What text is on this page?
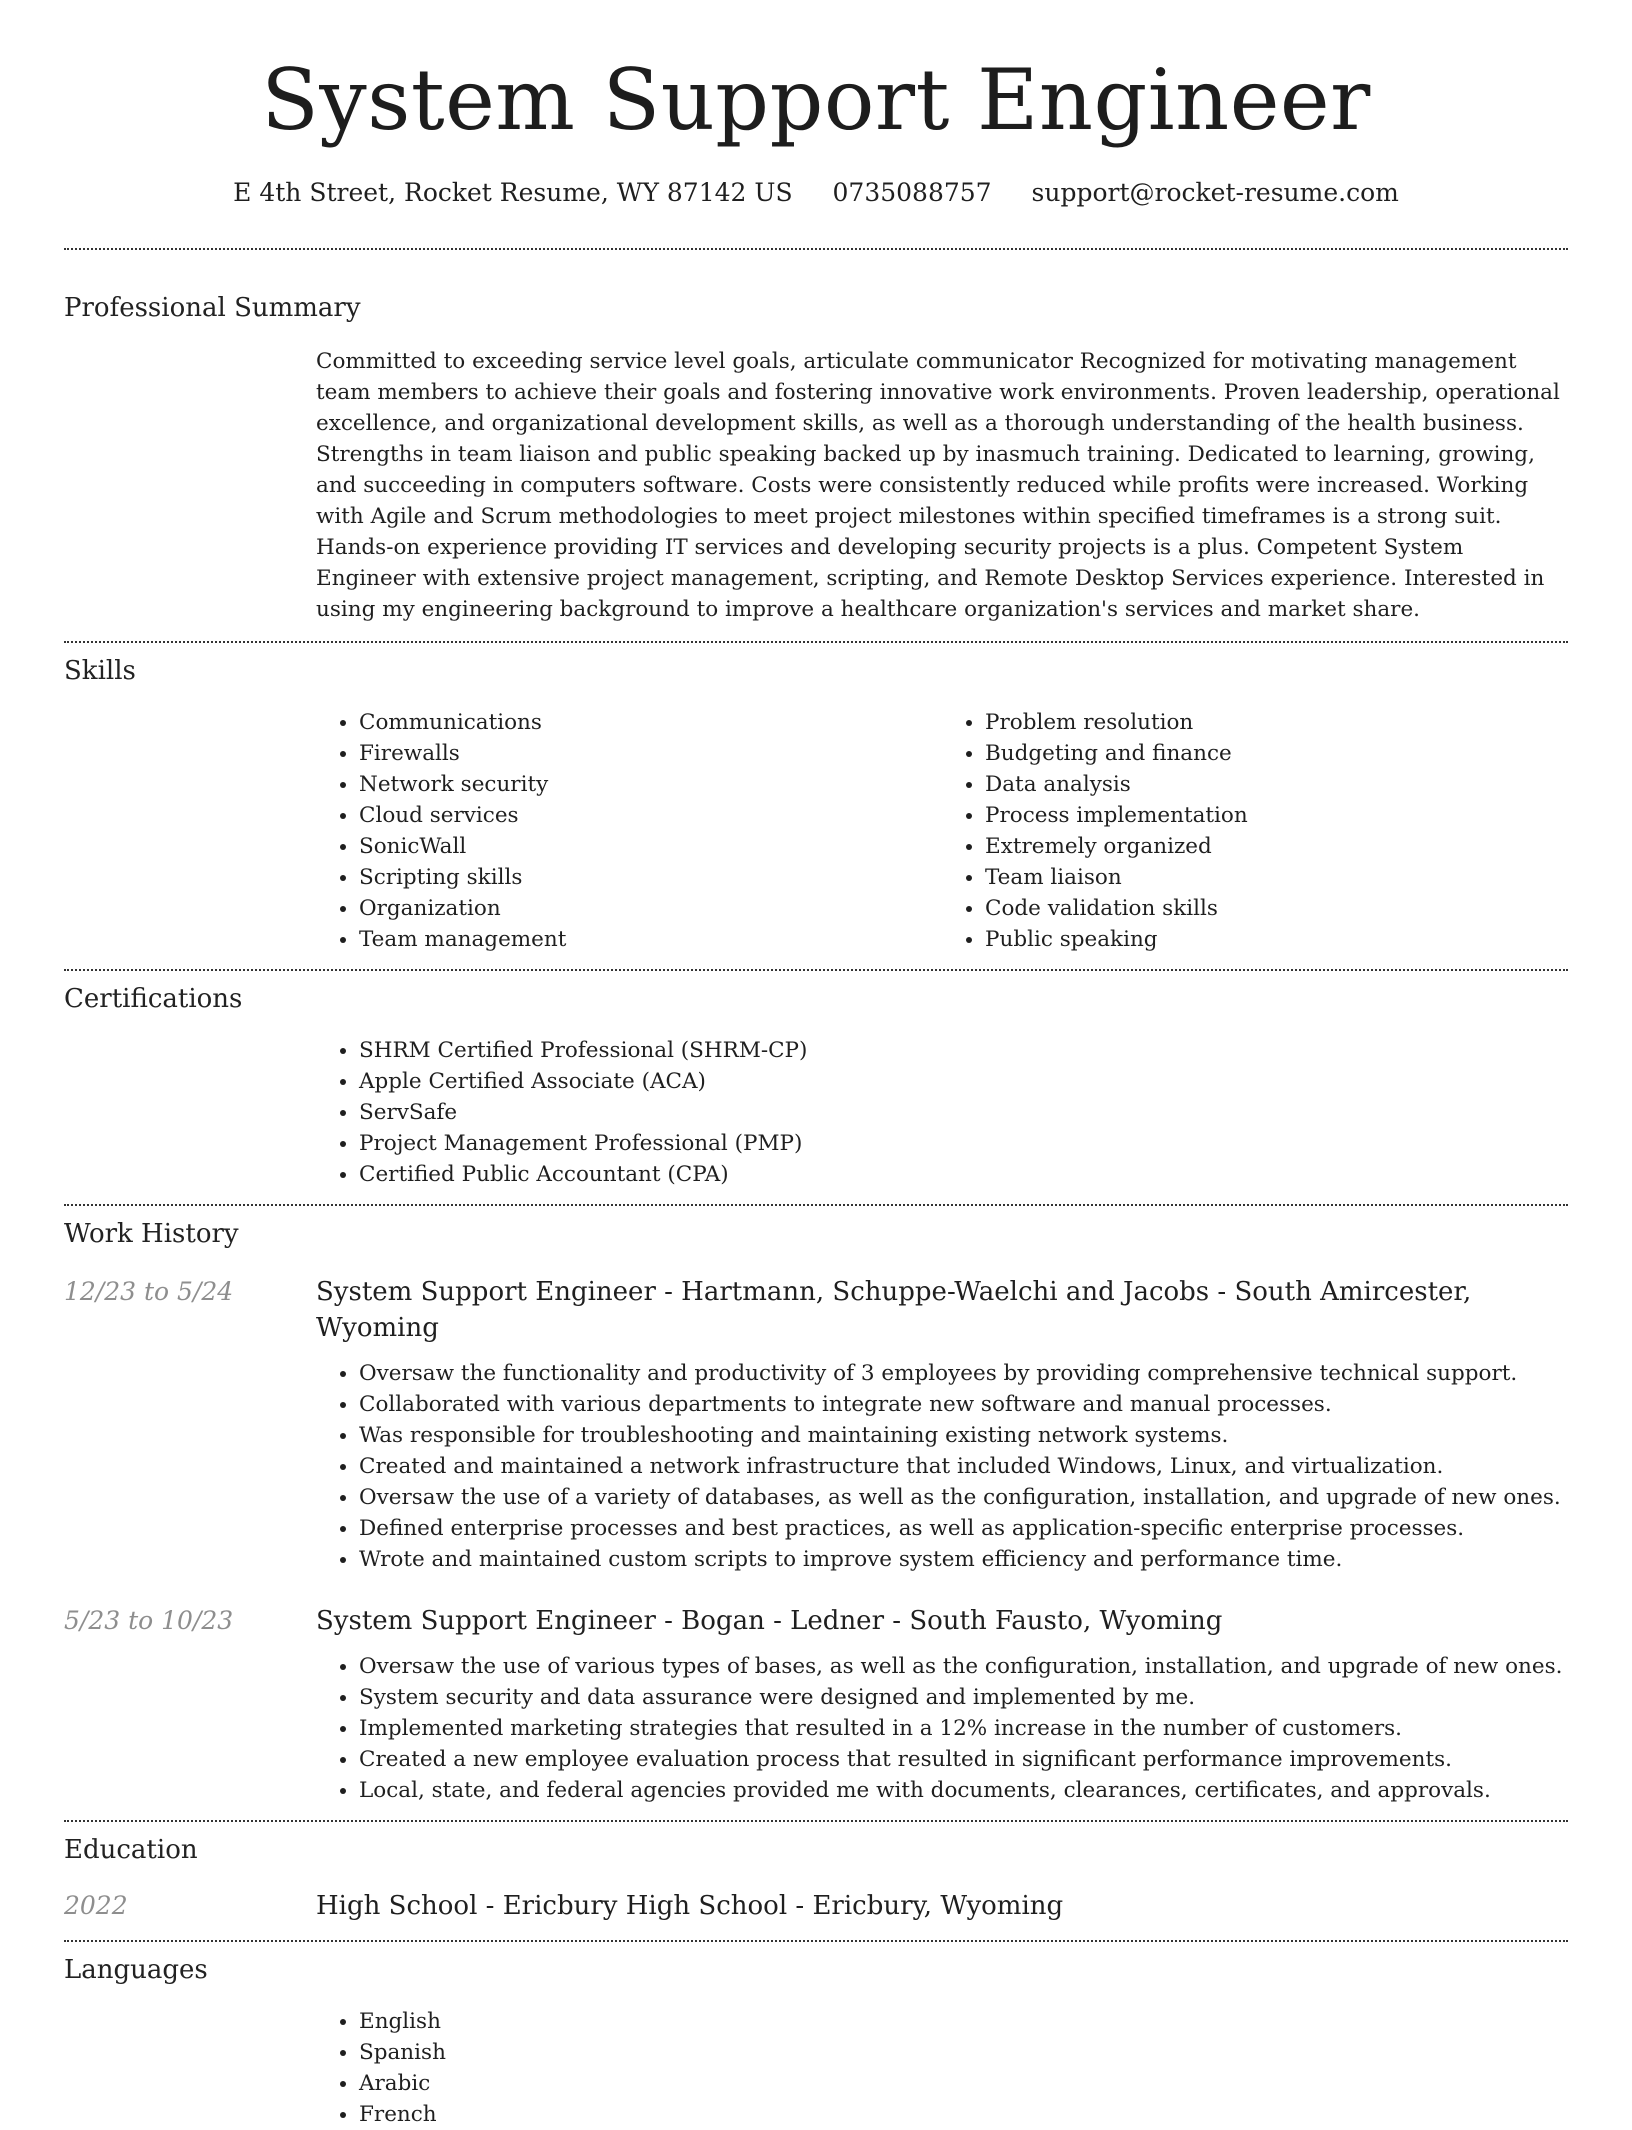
System Support Engineer
E 4th Street, Rocket Resume, WY 87142 US 0735088757 support@rocket-resume.com
Professional Summary

Committed to exceeding service level goals, articulate communicator Recognized for motivating management team members to achieve their goals and fostering innovative work environments. Proven leadership, operational excellence, and organizational development skills, as well as a thorough understanding of the health business. Strengths in team liaison and public speaking backed up by inasmuch training. Dedicated to learning, growing, and succeeding in computers software. Costs were consistently reduced while profits were increased. Working with Agile and Scrum methodologies to meet project milestones within specified timeframes is a strong suit. Hands-on experience providing IT services and developing security projects is a plus. Competent System Engineer with extensive project management, scripting, and Remote Desktop Services experience. Interested in using my engineering background to improve a healthcare organization's services and market share.

Skills
• Communications
• Firewalls
• Network security
• Cloud services
• SonicWall
• Scripting skills
• Organization
• Team management
• Problem resolution
• Budgeting and finance
• Data analysis
• Process implementation
• Extremely organized
• Team liaison
• Code validation skills
• Public speaking
Certifications
• SHRM Certified Professional (SHRM-CP)
• Apple Certified Associate (ACA)
• ServSafe
• Project Management Professional (PMP)
• Certified Public Accountant (CPA)
Work History
12/23 to 5/24	System Support Engineer - Hartmann, Schuppe-Waelchi and Jacobs - South Amircester, Wyoming
• Oversaw the functionality and productivity of 3 employees by providing comprehensive technical support.
• Collaborated with various departments to integrate new software and manual processes.
• Was responsible for troubleshooting and maintaining existing network systems.
• Created and maintained a network infrastructure that included Windows, Linux, and virtualization.
• Oversaw the use of a variety of databases, as well as the configuration, installation, and upgrade of new ones.
• Defined enterprise processes and best practices, as well as application-specific enterprise processes.
• Wrote and maintained custom scripts to improve system efficiency and performance time.
5/23 to 10/23	System Support Engineer - Bogan - Ledner - South Fausto, Wyoming
• Oversaw the use of various types of bases, as well as the configuration, installation, and upgrade of new ones.
• System security and data assurance were designed and implemented by me.
• Implemented marketing strategies that resulted in a 12% increase in the number of customers.
• Created a new employee evaluation process that resulted in significant performance improvements.
• Local, state, and federal agencies provided me with documents, clearances, certificates, and approvals.
Education
2022	High School - Ericbury High School - Ericbury, Wyoming
Languages
• English
• Spanish
• Arabic
• French
